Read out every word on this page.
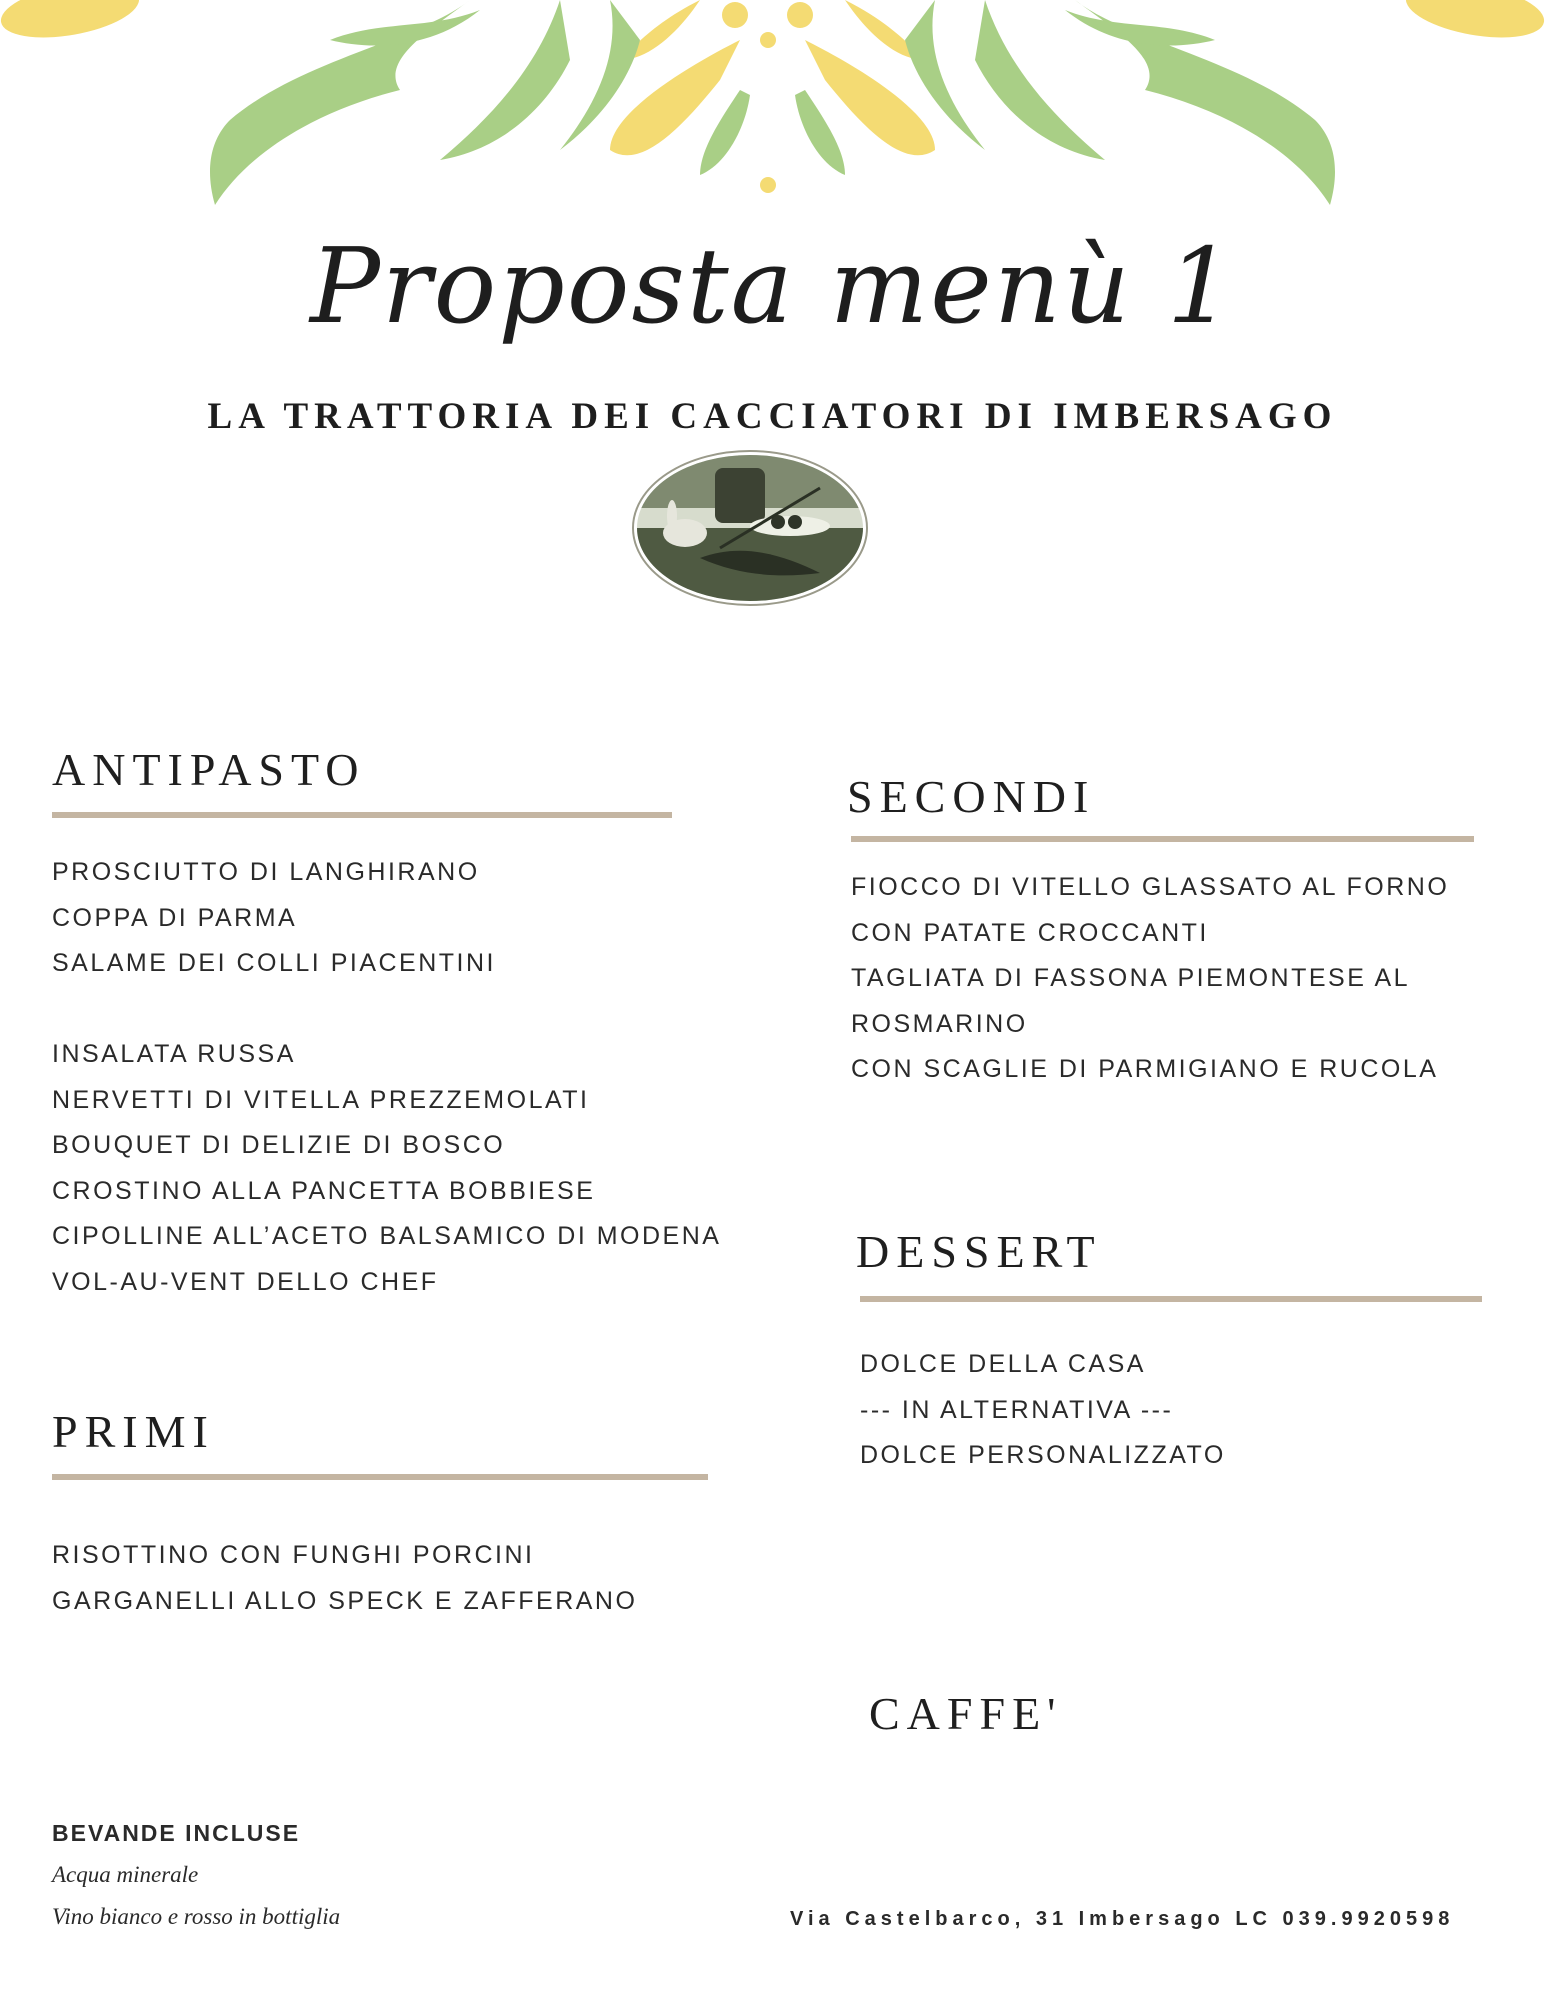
Proposta menù 1
LA TRATTORIA DEI CACCIATORI DI IMBERSAGO
ANTIPASTO
PROSCIUTTO DI LANGHIRANO
COPPA DI PARMA
SALAME DEI COLLI PIACENTINI
INSALATA RUSSA
NERVETTI DI VITELLA PREZZEMOLATI
BOUQUET DI DELIZIE DI BOSCO
CROSTINO ALLA PANCETTA BOBBIESE
CIPOLLINE ALL’ACETO BALSAMICO DI MODENA
VOL-AU-VENT DELLO CHEF
PRIMI
RISOTTINO CON FUNGHI PORCINI
GARGANELLI ALLO SPECK E ZAFFERANO
SECONDI
FIOCCO DI VITELLO GLASSATO AL FORNO
CON PATATE CROCCANTI
TAGLIATA DI FASSONA PIEMONTESE AL
ROSMARINO
CON SCAGLIE DI PARMIGIANO E RUCOLA
DESSERT
DOLCE DELLA CASA
--- IN ALTERNATIVA ---
DOLCE PERSONALIZZATO
CAFFE'
BEVANDE INCLUSE
Acqua minerale
Vino bianco e rosso in bottiglia	Via Castelbarco, 31 Imbersago LC 039.9920598
